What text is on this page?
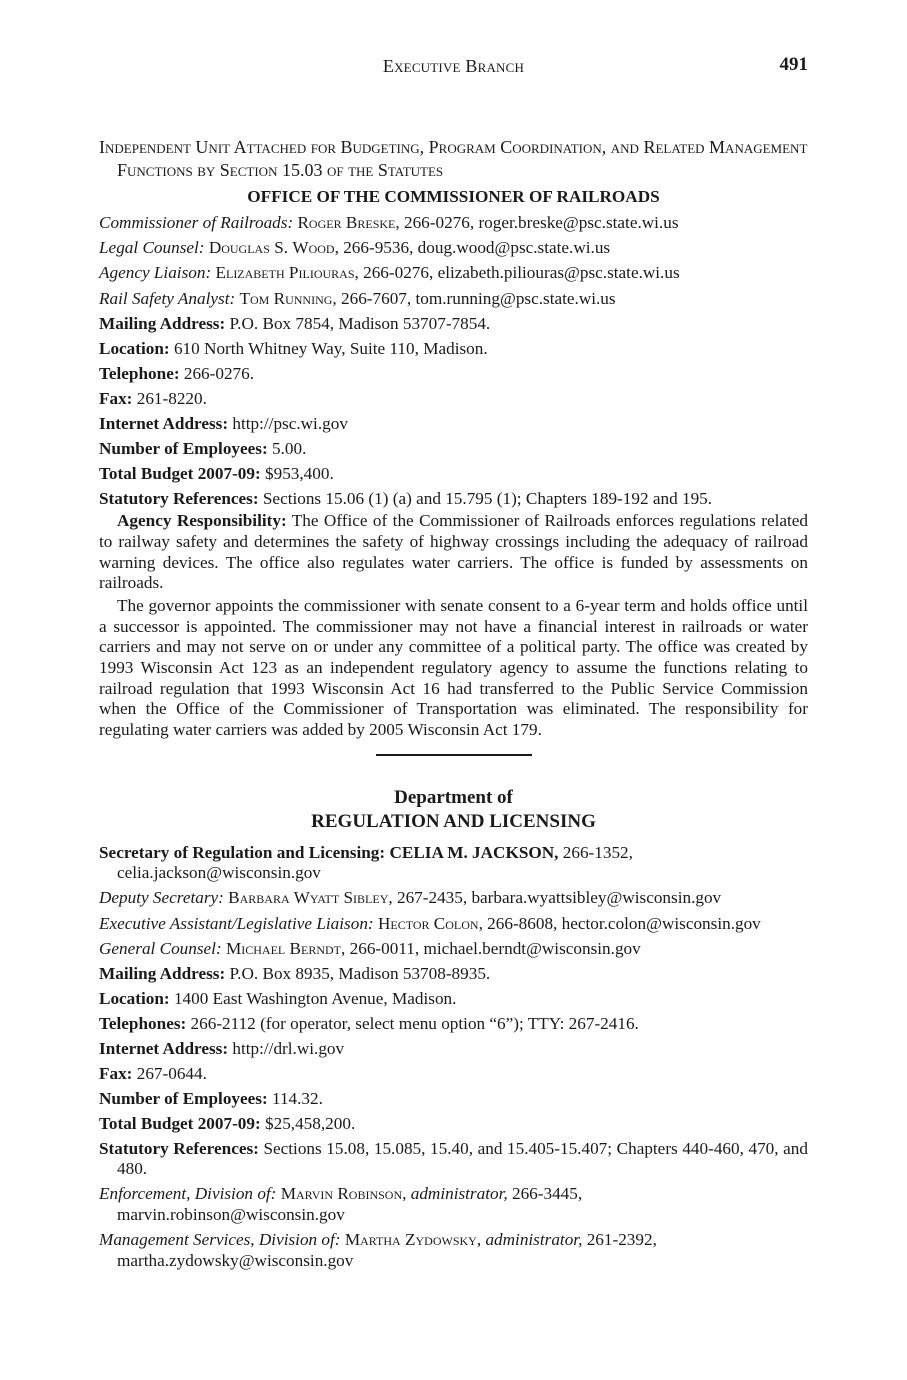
Executive Branch	491
Independent Unit Attached for Budgeting, Program Coordination, and Related Management Functions by Section 15.03 of the Statutes
OFFICE OF THE COMMISSIONER OF RAILROADS
Commissioner of Railroads: Roger Breske, 266-0276, roger.breske@psc.state.wi.us
Legal Counsel: Douglas S. Wood, 266-9536, doug.wood@psc.state.wi.us
Agency Liaison: Elizabeth Piliouras, 266-0276, elizabeth.piliouras@psc.state.wi.us
Rail Safety Analyst: Tom Running, 266-7607, tom.running@psc.state.wi.us
Mailing Address: P.O. Box 7854, Madison 53707-7854.
Location: 610 North Whitney Way, Suite 110, Madison.
Telephone: 266-0276.
Fax: 261-8220.
Internet Address: http://psc.wi.gov
Number of Employees: 5.00.
Total Budget 2007-09: $953,400.
Statutory References: Sections 15.06 (1) (a) and 15.795 (1); Chapters 189-192 and 195.

Agency Responsibility: The Office of the Commissioner of Railroads enforces regulations related to railway safety and determines the safety of highway crossings including the adequacy of railroad warning devices. The office also regulates water carriers. The office is funded by assessments on railroads.

The governor appoints the commissioner with senate consent to a 6-year term and holds office until a successor is appointed. The commissioner may not have a financial interest in railroads or water carriers and may not serve on or under any committee of a political party. The office was created by 1993 Wisconsin Act 123 as an independent regulatory agency to assume the functions relating to railroad regulation that 1993 Wisconsin Act 16 had transferred to the Public Service Commission when the Office of the Commissioner of Transportation was eliminated. The responsibility for regulating water carriers was added by 2005 Wisconsin Act 179.

Department of
REGULATION AND LICENSING
Secretary of Regulation and Licensing: CELIA M. JACKSON, 266-1352, celia.jackson@wisconsin.gov
Deputy Secretary: Barbara Wyatt Sibley, 267-2435, barbara.wyattsibley@wisconsin.gov
Executive Assistant/Legislative Liaison: Hector Colon, 266-8608, hector.colon@wisconsin.gov
General Counsel: Michael Berndt, 266-0011, michael.berndt@wisconsin.gov
Mailing Address: P.O. Box 8935, Madison 53708-8935.
Location: 1400 East Washington Avenue, Madison.
Telephones: 266-2112 (for operator, select menu option “6”); TTY: 267-2416.
Internet Address: http://drl.wi.gov
Fax: 267-0644.
Number of Employees: 114.32.
Total Budget 2007-09: $25,458,200.
Statutory References: Sections 15.08, 15.085, 15.40, and 15.405-15.407; Chapters 440-460, 470, and 480.
Enforcement, Division of: Marvin Robinson, administrator, 266-3445, marvin.robinson@wisconsin.gov
Management Services, Division of: Martha Zydowsky, administrator, 261-2392, martha.zydowsky@wisconsin.gov
